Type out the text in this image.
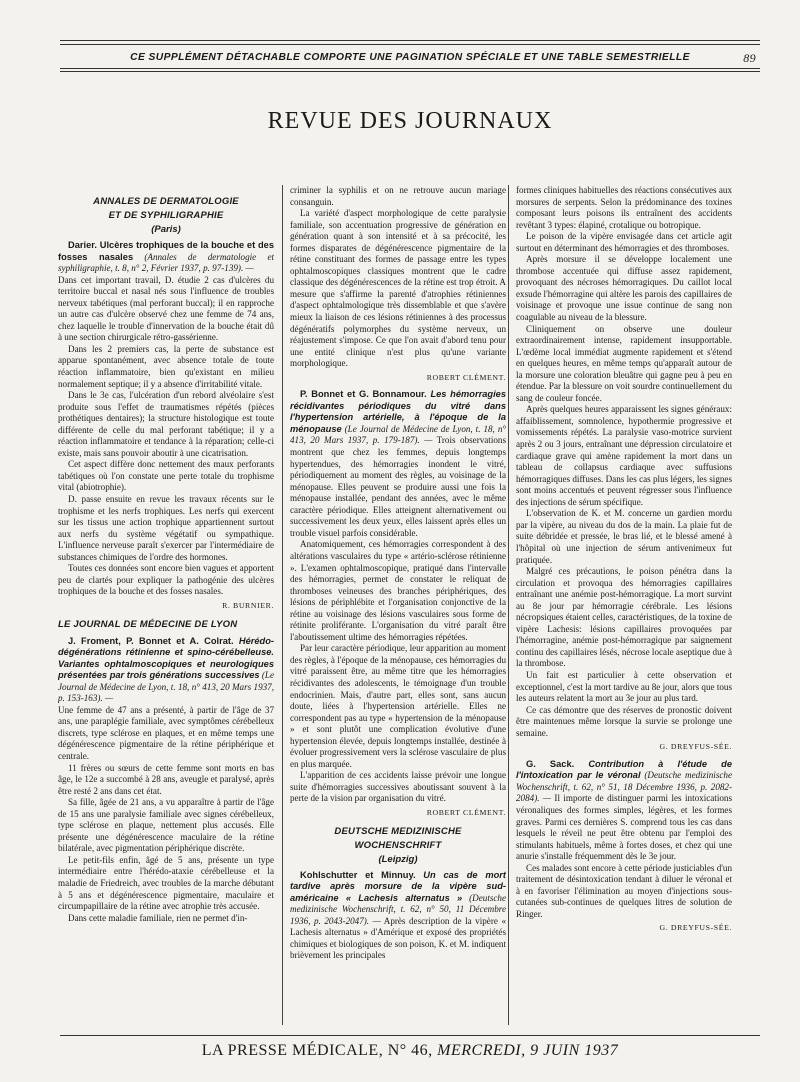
CE SUPPLÉMENT DÉTACHABLE COMPORTE UNE PAGINATION SPÉCIALE ET UNE TABLE SEMESTRIELLE	89
REVUE DES JOURNAUX
ANNALES DE DERMATOLOGIE
ET DE SYPHILIGRAPHIE
(Paris)

Darier. Ulcères trophiques de la bouche et des fosses nasales (Annales de dermatologie et syphiligraphie, t. 8, n° 2, Février 1937, p. 97-139). —

Dans cet important travail, D. étudie 2 cas d'ulcères du territoire buccal et nasal nés sous l'influence de troubles nerveux tabétiques (mal perforant buccal); il en rapproche un autre cas d'ulcère observé chez une femme de 74 ans, chez laquelle le trouble d'innervation de la bouche était dû à une section chirurgicale rétro-gassérienne.

Dans les 2 premiers cas, la perte de substance est apparue spontanément, avec absence totale de toute réaction inflammatoire, bien qu'existant en milieu normalement septique; il y a absence d'irritabilité vitale.

Dans le 3e cas, l'ulcération d'un rebord alvéolaire s'est produite sous l'effet de traumatismes répétés (pièces prothétiques dentaires); la structure histologique est toute différente de celle du mal perforant tabétique; il y a réaction inflammatoire et tendance à la réparation; celle-ci existe, mais sans pouvoir aboutir à une cicatrisation.

Cet aspect diffère donc nettement des maux perforants tabétiques où l'on constate une perte totale du trophisme vital (abiotrophie).

D. passe ensuite en revue les travaux récents sur le trophisme et les nerfs trophiques. Les nerfs qui exercent sur les tissus une action trophique appartiennent surtout aux nerfs du système végétatif ou sympathique. L'influence nerveuse paraît s'exercer par l'intermédiaire de substances chimiques de l'ordre des hormones.

Toutes ces données sont encore bien vagues et apportent peu de clartés pour expliquer la pathogénie des ulcères trophiques de la bouche et des fosses nasales.

R. BURNIER.

LE JOURNAL DE MÉDECINE DE LYON

J. Froment, P. Bonnet et A. Colrat. Hérédo-dégénérations rétinienne et spino-cérébelleuse. Variantes ophtalmoscopiques et neurologiques présentées par trois générations successives (Le Journal de Médecine de Lyon, t. 18, n° 413, 20 Mars 1937, p. 153-163). —

Une femme de 47 ans a présenté, à partir de l'âge de 37 ans, une paraplégie familiale, avec symptômes cérébelleux discrets, type sclérose en plaques, et en même temps une dégénérescence pigmentaire de la rétine périphérique et centrale.

11 frères ou sœurs de cette femme sont morts en bas âge, le 12e a succombé à 28 ans, aveugle et paralysé, après être resté 2 ans dans cet état.

Sa fille, âgée de 21 ans, a vu apparaître à partir de l'âge de 15 ans une paralysie familiale avec signes cérébelleux, type sclérose en plaque, nettement plus accusés. Elle présente une dégénérescence maculaire de la rétine bilatérale, avec pigmentation périphérique discrète.

Le petit-fils enfin, âgé de 5 ans, présente un type intermédiaire entre l'hérédo-ataxie cérébelleuse et la maladie de Friedreich, avec troubles de la marche débutant à 5 ans et dégénérescence pigmentaire, maculaire et circumpapillaire de la rétine avec atrophie très accusée.

Dans cette maladie familiale, rien ne permet d'in-

criminer la syphilis et on ne retrouve aucun mariage consanguin.

La variété d'aspect morphologique de cette paralysie familiale, son accentuation progressive de génération en génération quant à son intensité et à sa précocité, les formes disparates de dégénérescence pigmentaire de la rétine constituant des formes de passage entre les types ophtalmoscopiques classiques montrent que le cadre classique des dégénérescences de la rétine est trop étroit. A mesure que s'affirme la parenté d'atrophies rétiniennes d'aspect ophtalmologique très dissemblable et que s'avère mieux la liaison de ces lésions rétiniennes à des processus dégénératifs polymorphes du système nerveux, un réajustement s'impose. Ce que l'on avait d'abord tenu pour une entité clinique n'est plus qu'une variante morphologique.

ROBERT CLÉMENT.

P. Bonnet et G. Bonnamour. Les hémorragies récidivantes périodiques du vitré dans l'hypertension artérielle, à l'époque de la ménopause (Le Journal de Médecine de Lyon, t. 18, n° 413, 20 Mars 1937, p. 179-187). — Trois observations montrent que chez les femmes, depuis longtemps hypertendues, des hémorragies inondent le vitré, périodiquement au moment des règles, au voisinage de la ménopause. Elles peuvent se produire aussi une fois la ménopause installée, pendant des années, avec le même caractère périodique. Elles atteignent alternativement ou successivement les deux yeux, elles laissent après elles un trouble visuel parfois considérable.

Anatomiquement, ces hémorragies correspondent à des altérations vasculaires du type « artério-sclérose rétinienne ». L'examen ophtalmoscopique, pratiqué dans l'intervalle des hémorragies, permet de constater le reliquat de thromboses veineuses des branches périphériques, des lésions de périphlébite et l'organisation conjonctive de la rétine au voisinage des lésions vasculaires sous forme de rétinite proliférante. L'organisation du vitré paraît être l'aboutissement ultime des hémorragies répétées.

Par leur caractère périodique, leur apparition au moment des règles, à l'époque de la ménopause, ces hémorragies du vitré paraissent être, au même titre que les hémorragies récidivantes des adolescents, le témoignage d'un trouble endocrinien. Mais, d'autre part, elles sont, sans aucun doute, liées à l'hypertension artérielle. Elles ne correspondent pas au type « hypertension de la ménopause » et sont plutôt une complication évolutive d'une hypertension élevée, depuis longtemps installée, destinée à évoluer progressivement vers la sclérose vasculaire de plus en plus marquée.

L'apparition de ces accidents laisse prévoir une longue suite d'hémorragies successives aboutissant souvent à la perte de la vision par organisation du vitré.

ROBERT CLÉMENT.

DEUTSCHE MEDIZINISCHE
WOCHENSCHRIFT
(Leipzig)

Kohlschutter et Minnuy. Un cas de mort tardive après morsure de la vipère sud-américaine « Lachesis alternatus » (Deutsche medizinische Wochenschrift, t. 62, n° 50, 11 Décembre 1936, p. 2043-2047). — Après description de la vipère « Lachesis alternatus » d'Amérique et exposé des propriétés chimiques et biologiques de son poison, K. et M. indiquent brièvement les principales

formes cliniques habituelles des réactions consécutives aux morsures de serpents. Selon la prédominance des toxines composant leurs poisons ils entraînent des accidents revêtant 3 types: élapiné, crotalique ou botropique.

Le poison de la vipère envisagée dans cet article agit surtout en déterminant des hémorragies et des thromboses.

Après morsure il se développe localement une thrombose accentuée qui diffuse assez rapidement, provoquant des nécroses hémorragiques. Du caillot local exsude l'hémorragine qui altère les parois des capillaires de voisinage et provoque une issue continue de sang non coagulable au niveau de la blessure.

Cliniquement on observe une douleur extraordinairement intense, rapidement insupportable. L'œdème local immédiat augmente rapidement et s'étend en quelques heures, en même temps qu'apparaît autour de la morsure une coloration bleuâtre qui gagne peu à peu en étendue. Par la blessure on voit sourdre continuellement du sang de couleur foncée.

Après quelques heures apparaissent les signes généraux: affaiblissement, somnolence, hypothermie progressive et vomissements répétés. La paralysie vaso-motrice survient après 2 ou 3 jours, entraînant une dépression circulatoire et cardiaque grave qui amène rapidement la mort dans un tableau de collapsus cardiaque avec suffusions hémorragiques diffuses. Dans les cas plus légers, les signes sont moins accentués et peuvent régresser sous l'influence des injections de sérum spécifique.

L'observation de K. et M. concerne un gardien mordu par la vipère, au niveau du dos de la main. La plaie fut de suite débridée et pressée, le bras lié, et le blessé amené à l'hôpital où une injection de sérum antivenimeux fut pratiquée.

Malgré ces précautions, le poison pénétra dans la circulation et provoqua des hémorragies capillaires entraînant une anémie post-hémorragique. La mort survint au 8e jour par hémorragie cérébrale. Les lésions nécropsiques étaient celles, caractéristiques, de la toxine de vipère Lachesis: lésions capillaires provoquées par l'hémorragine, anémie post-hémorragique par saignement continu des capillaires lésés, nécrose locale aseptique due à la thrombose.

Un fait est particulier à cette observation et exceptionnel, c'est la mort tardive au 8e jour, alors que tous les auteurs relatent la mort au 3e jour au plus tard.

Ce cas démontre que des réserves de pronostic doivent être maintenues même lorsque la survie se prolonge une semaine.

G. DREYFUS-SÉE.

G. Sack. Contribution à l'étude de l'intoxication par le véronal (Deutsche medizinische Wochenschrift, t. 62, n° 51, 18 Décembre 1936, p. 2082-2084). — Il importe de distinguer parmi les intoxications véronaliques des formes simples, légères, et les formes graves. Parmi ces dernières S. comprend tous les cas dans lesquels le réveil ne peut être obtenu par l'emploi des stimulants habituels, même à fortes doses, et chez qui une anurie s'installe fréquemment dès le 3e jour.

Ces malades sont encore à cette période justiciables d'un traitement de désintoxication tendant à diluer le véronal et à en favoriser l'élimination au moyen d'injections sous-cutanées sub-continues de quelques litres de solution de Ringer.

G. DREYFUS-SÉE.

LA PRESSE MÉDICALE, N° 46, MERCREDI, 9 JUIN 1937
